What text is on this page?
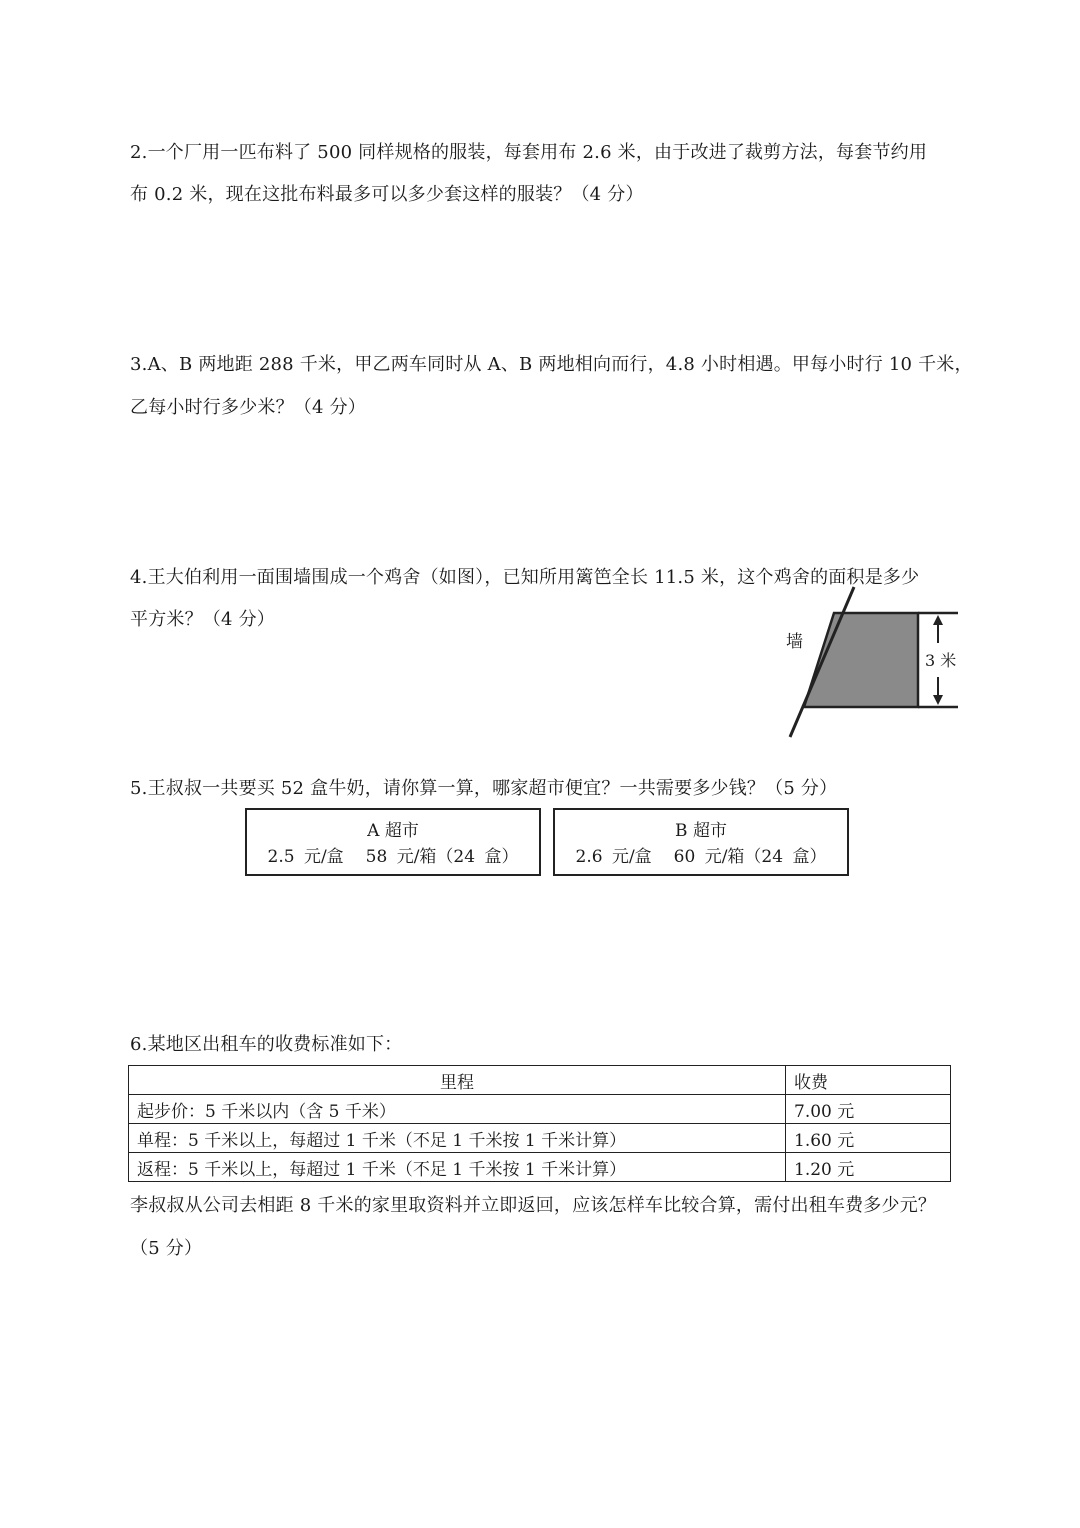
2.一个厂用一匹布料了 500 同样规格的服装，每套用布 2.6 米，由于改进了裁剪方法，每套节约用
布 0.2 米，现在这批布料最多可以多少套这样的服装？（4 分）
3.A、B 两地距 288 千米，甲乙两车同时从 A、B 两地相向而行，4.8 小时相遇。甲每小时行 10 千米，
乙每小时行多少米？（4 分）
4.王大伯利用一面围墙围成一个鸡舍（如图），已知所用篱笆全长 11.5 米，这个鸡舍的面积是多少
平方米？（4 分）
墙
3 米
5.王叔叔一共要买 52 盒牛奶，请你算一算，哪家超市便宜？一共需要多少钱？（5 分）
A 超市
2.5 元/盒 58 元/箱（24 盒）
B 超市
2.6 元/盒 60 元/箱（24 盒）
6.某地区出租车的收费标准如下：
里程	收费
起步价：5 千米以内（含 5 千米）	7.00 元
单程：5 千米以上，每超过 1 千米（不足 1 千米按 1 千米计算）	1.60 元
返程：5 千米以上，每超过 1 千米（不足 1 千米按 1 千米计算）	1.20 元
李叔叔从公司去相距 8 千米的家里取资料并立即返回，应该怎样车比较合算，需付出租车费多少元？
（5 分）
